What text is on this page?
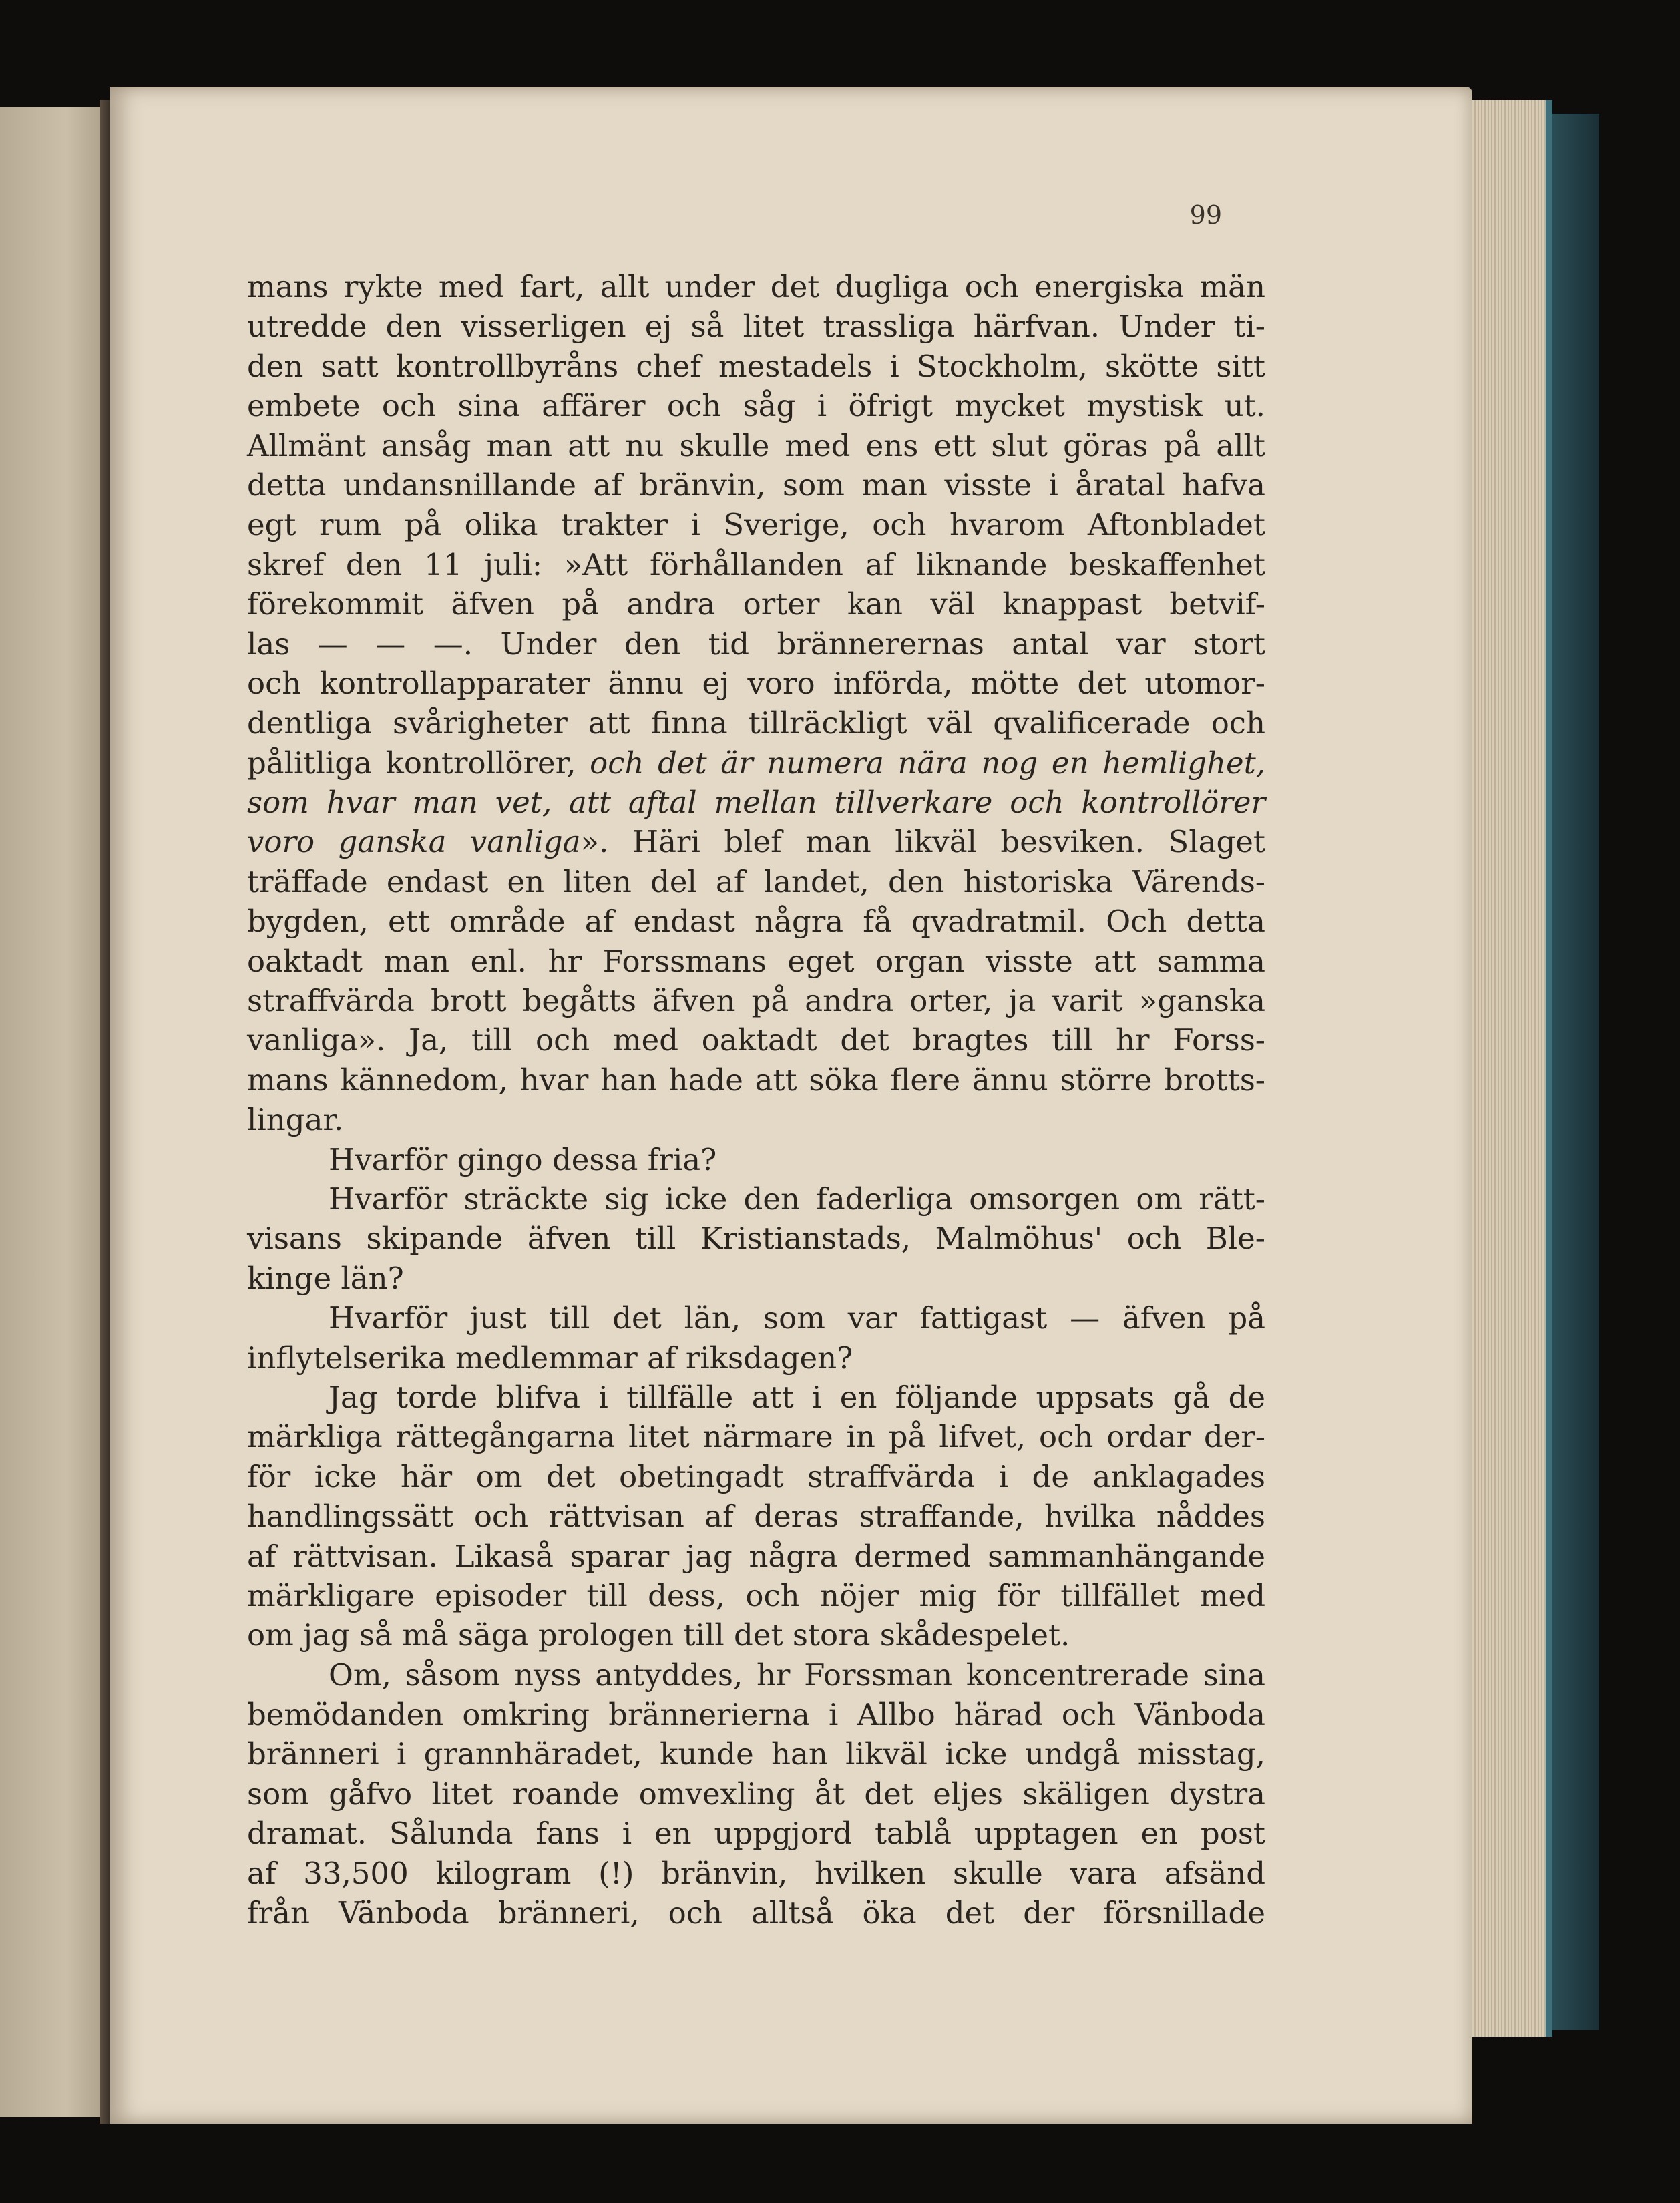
99
mans rykte med fart, allt under det dugliga och energiska män
utredde den visserligen ej så litet trassliga härfvan. Under ti-
den satt kontrollbyråns chef mestadels i Stockholm, skötte sitt
embete och sina affärer och såg i öfrigt mycket mystisk ut.
Allmänt ansåg man att nu skulle med ens ett slut göras på allt
detta undansnillande af bränvin, som man visste i åratal hafva
egt rum på olika trakter i Sverige, och hvarom Aftonbladet
skref den 11 juli: »Att förhållanden af liknande beskaffenhet
förekommit äfven på andra orter kan väl knappast betvif-
las — — —. Under den tid brännerernas antal var stort
och kontrollapparater ännu ej voro införda, mötte det utomor-
dentliga svårigheter att finna tillräckligt väl qvalificerade och
pålitliga kontrollörer, och det är numera nära nog en hemlighet,
som hvar man vet, att aftal mellan tillverkare och kontrollörer
voro ganska vanliga». Häri blef man likväl besviken. Slaget
träffade endast en liten del af landet, den historiska Värends-
bygden, ett område af endast några få qvadratmil. Och detta
oaktadt man enl. hr Forssmans eget organ visste att samma
straffvärda brott begåtts äfven på andra orter, ja varit »ganska
vanliga». Ja, till och med oaktadt det bragtes till hr Forss-
mans kännedom, hvar han hade att söka flere ännu större brotts-
lingar.
Hvarför gingo dessa fria?
Hvarför sträckte sig icke den faderliga omsorgen om rätt-
visans skipande äfven till Kristianstads, Malmöhus' och Ble-
kinge län?
Hvarför just till det län, som var fattigast — äfven på
inflytelserika medlemmar af riksdagen?
Jag torde blifva i tillfälle att i en följande uppsats gå de
märkliga rättegångarna litet närmare in på lifvet, och ordar der-
för icke här om det obetingadt straffvärda i de anklagades
handlingssätt och rättvisan af deras straffande, hvilka nåddes
af rättvisan. Likaså sparar jag några dermed sammanhängande
märkligare episoder till dess, och nöjer mig för tillfället med
om jag så må säga prologen till det stora skådespelet.
Om, såsom nyss antyddes, hr Forssman koncentrerade sina
bemödanden omkring brännerierna i Allbo härad och Vänboda
bränneri i grannhäradet, kunde han likväl icke undgå misstag,
som gåfvo litet roande omvexling åt det eljes skäligen dystra
dramat. Sålunda fans i en uppgjord tablå upptagen en post
af 33,500 kilogram (!) bränvin, hvilken skulle vara afsänd
från Vänboda bränneri, och alltså öka det der försnillade
